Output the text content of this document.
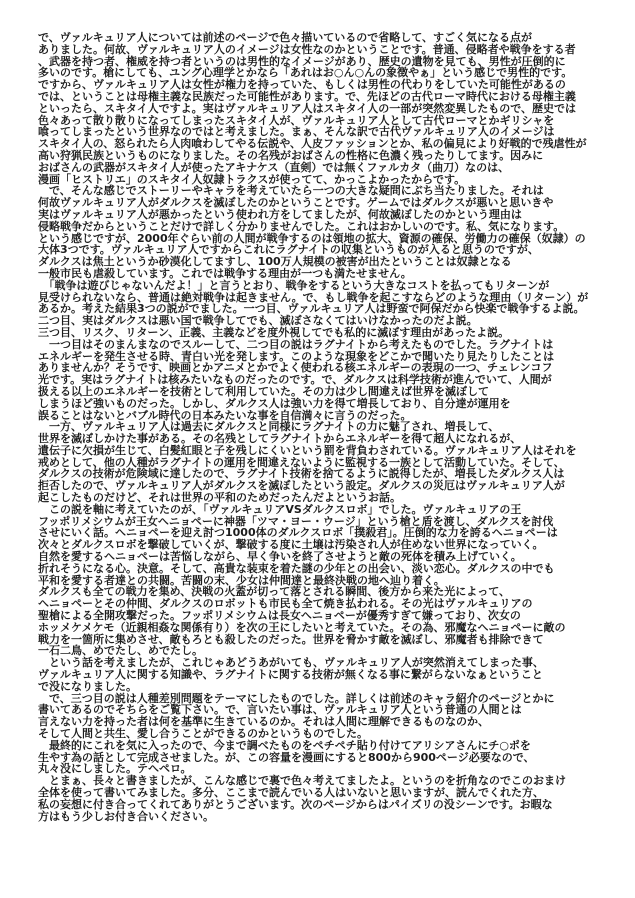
で、ヴァルキュリア人については前述のページで色々描いているので省略して、すごく気になる点が
ありました。何故、ヴァルキュリア人のイメージは女性なのかということです。普通、侵略者や戦争をする者
、武器を持つ者、権威を持つ者というのは男性的なイメージがあり、歴史の遺物を見ても、男性が圧倒的に
多いのです。槍にしても、ユング心理学とかなら「あれはお○ん○んの象徴やぁ」という感じで男性的です。
ですから、ヴァルキュリア人は女性が権力を持っていた、もしくは男性の代わりをしていた可能性があるの
では、ということは母権主義な民族だった可能性があります。で、先ほどの古代ローマ時代における母権主義
といったら、スキタイ人ですよ。実はヴァルキュリア人はスキタイ人の一部が突然変異したもので、歴史では
色々あって散り散りになってしまったスキタイ人が、ヴァルキュリア人として古代ローマとかギリシャを
喰ってしまったという世界なのではと考えました。まぁ、そんな訳で古代ヴァルキュリア人のイメージは
スキタイ人の、怒られたら人肉喰わしてやる伝説や、人皮ファッションとか、私の偏見により好戦的で残虐性が
高い狩猟民族というものになりました。その名残がおばさんの性格に色濃く残ったりしてます。因みに
おばさんの武器がスキタイ人が使ったアキナケス（直剣）では無くファルカタ（曲刀）なのは、
漫画「ヒストリエ」のスキタイ人奴隷トラクスが使ってて、かっこよかったからです。
　で、そんな感じでストーリーやキャラを考えていたら一つの大きな疑問にぶち当たりました。それは
何故ヴァルキュリア人がダルクスを滅ぼしたのかということです。ゲームではダルクスが悪いと思いきや
実はヴァルキュリア人が悪かったという使われ方をしてましたが、何故滅ぼしたのかという理由は
侵略戦争だからということだけで詳しく分かりませんでした。これはおかしいのです。私、気になります。
という感じですが、2000年ぐらい前の人間が戦争するのは領地の拡大、資源の確保、労働力の確保（奴隷）の
大体3つです。ヴァルキュリア人ですからこれにラグナイトの収集というものが入ると思うのですが、
ダルクスは焦土というか砂漠化してますし、100万人規模の被害が出たということは奴隷となる
一般市民も虐殺しています。これでは戦争する理由が一つも満たせません。
　「戦争は遊びじゃないんだよ！」と言うとおり、戦争をするという大きなコストを払ってもリターンが
見受けられないなら、普通は絶対戦争は起きません。で、もし戦争を起こすならどのような理由（リターン）が
あるか。考えた結果3つの説がでました。一つ目、ヴァルキュリア人は野蛮で阿保だから快楽で戦争するよ説。
二つ目、実はダルクスは悪い国で戦争してでも、滅ぼさなくてはいけなかったのだよ説。
三つ目、リスク、リターン、正義、主義などを度外視してでも私的に滅ぼす理由があったよ説。
　一つ目はそのまんまなのでスルーして、二つ目の説はラグナイトから考えたものでした。ラグナイトは
エネルギーを発生させる時、青白い光を発します。このような現象をどこかで聞いたり見たりしたことは
ありませんか？そうです、映画とかアニメとかでよく使われる核エネルギーの表現の一つ、チェレンコフ
光です。実はラグナイトは核みたいなものだったのです。で、ダルクスは科学技術が進んでいて、人間が
扱える以上のエネルギーを技術として利用していた。その力は少し間違えば世界を滅ぼして
しまうほど強いものだった。しかし、ダルクス人は強い力を得て増長しており、自分達が運用を
誤ることはないとバブル時代の日本みたいな事を自信満々に言うのだった。
　一方、ヴァルキュリア人は過去にダルクスと同様にラグナイトの力に魅了され、増長して、
世界を滅ぼしかけた事がある。その名残としてラグナイトからエネルギーを得て超人になれるが、
遺伝子に欠損が生じて、白髪紅眼と子を残しにくいという罰を背負わされている。ヴァルキュリア人はそれを
戒めとして、他の人種がラグナイトの運用を間違えないように監視する一族として活動していた。そして、
ダルクスの技術が危険域に達したので、ラグナイト技術を捨てるように説得したが、増長したダルクス人は
拒否したので、ヴァルキュリア人がダルクスを滅ぼしたという設定。ダルクスの災厄はヴァルキュリア人が
起こしたものだけど、それは世界の平和のためだったんだよというお話。
　この説を軸に考えていたのが、「ヴァルキュリアVSダルクスロボ」でした。ヴァルキュリアの王
フッポリメシウムが王女ヘニョペーに神器「ツマ・ヨー・ウージ」という槍と盾を渡し、ダルクスを討伐
させにいく話。ヘニョペーを迎え討つ1000体のダルクスロボ「撲殺君」。圧倒的な力を誇るヘニョペーは
次々とダルクスロボを撃破していくが、撃破する度に土壌は汚染され人が住めない世界になっていく。
自然を愛するヘニョペーは苦悩しながら、早く争いを終了させようと敵の死体を積み上げていく。
折れそうになる心。決意。そして、高貴な装束を着た謎の少年との出会い、淡い恋心。ダルクスの中でも
平和を愛する者達との共闘。苦闘の末、少女は仲間達と最終決戦の地へ辿り着く。
ダルクスも全ての戦力を集め、決戦の火蓋が切って落とされる瞬間、後方から来た光によって、
ヘニョペーとその仲間、ダルクスのロボットも市民も全て焼き払われる。その光はヴァルキュリアの
聖槍による全開攻撃だった。フッポリメシウムは長女ヘニョペーが優秀すぎて嫌っており、次女の
ホッメケメケモ（近親相姦な関係有り）を次の王にしたいと考えていた。その為、邪魔なヘニョペーに敵の
戦力を一箇所に集めさせ、敵もろとも殺したのだった。世界を脅かす敵を滅ぼし、邪魔者も排除できて
一石二鳥、めでたし、めでたし。
　という話を考えましたが、これじゃあどうあがいても、ヴァルキュリア人が突然消えてしまった事、
ヴァルキュリア人に関する知識や、ラグナイトに関する技術が無くなる事に繋がらないなぁということ
で没になりました。
　で、三つ目の説は人種差別問題をテーマにしたものでした。詳しくは前述のキャラ紹介のページとかに
書いてあるのでそちらをご覧下さい。で、言いたい事は、ヴァルキュリア人という普通の人間とは
言えない力を持った者は何を基準に生きているのか。それは人間に理解できるものなのか、
そして人間と共生、愛し合うことができるのかというものでした。
　最終的にこれを気に入ったので、今まで調べたものをペチペチ貼り付けてアリシアさんにチ○ポを
生やす為の話として完成させました。が、この容量を漫画にすると800から900ページ必要なので、
丸々没にしました。テヘペロ。
　とまぁ、長々と書きましたが、こんな感じで裏で色々考えてましたよ。というのを折角なのでこのおまけ
全体を使って書いてみました。多分、ここまで読んでいる人はいないと思いますが、読んでくれた方、
私の妄想に付き合ってくれてありがとうございます。次のページからはパイズリの没シーンです。お暇な
方はもう少しお付き合いください。
